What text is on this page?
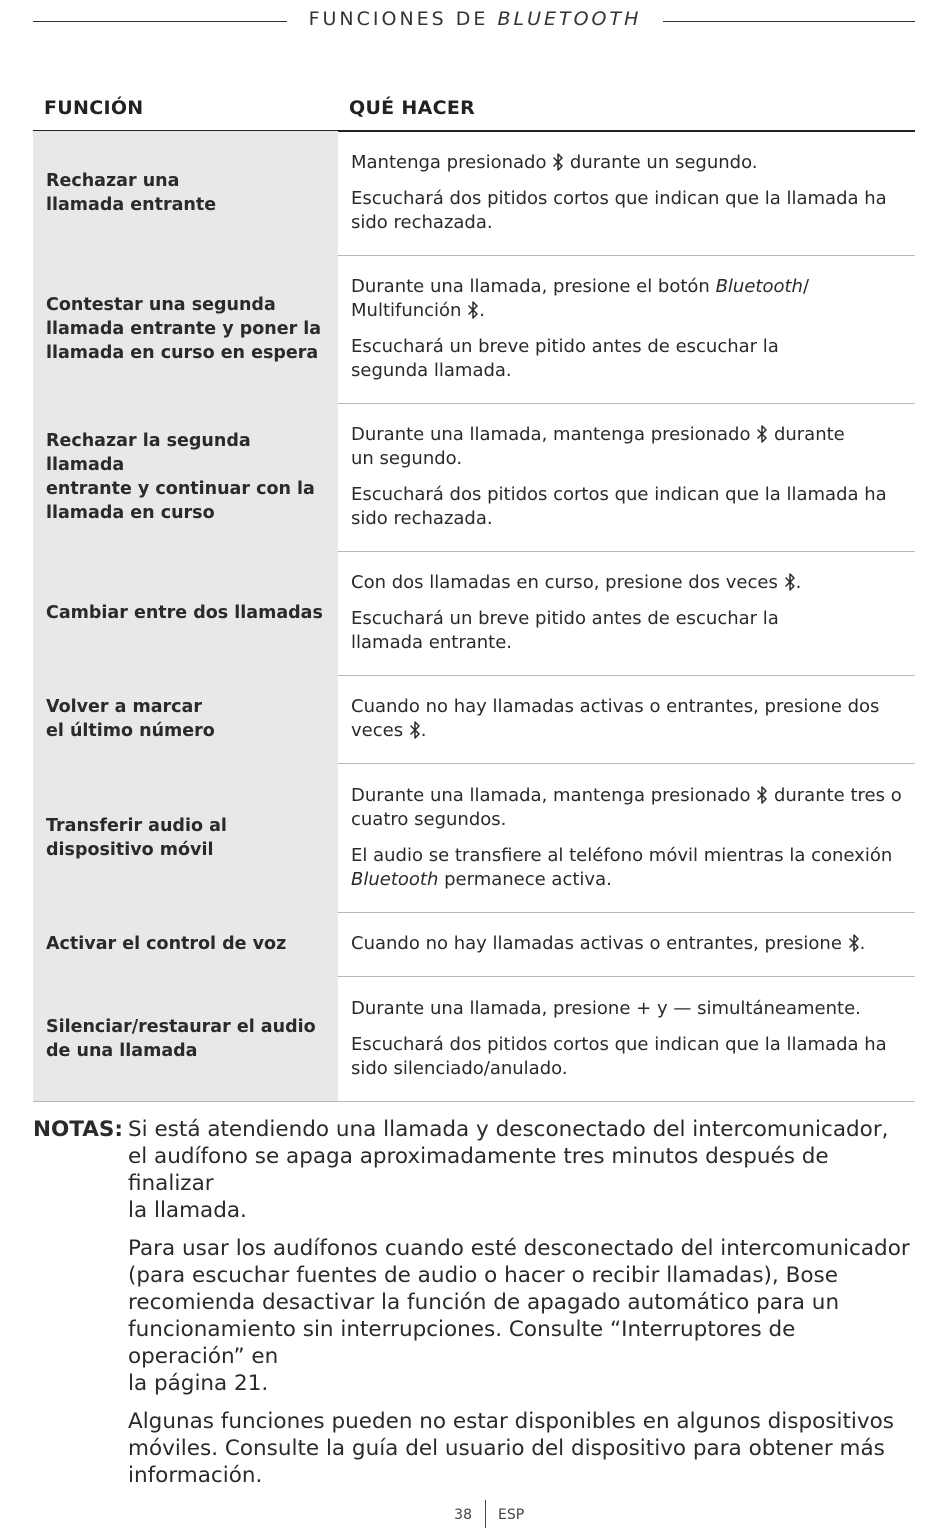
FUNCIONES DE BLUETOOTH
FUNCIÓN	QUÉ HACER
Rechazar una
llamada entrante

Mantenga presionado  durante un segundo.

Escuchará dos pitidos cortos que indican que la llamada ha
sido rechazada.

Contestar una segunda
llamada entrante y poner la
llamada en curso en espera

Durante una llamada, presione el botón Bluetooth/
Multifunción .

Escuchará un breve pitido antes de escuchar la
segunda llamada.

Rechazar la segunda llamada
entrante y continuar con la
llamada en curso

Durante una llamada, mantenga presionado  durante
un segundo.

Escuchará dos pitidos cortos que indican que la llamada ha
sido rechazada.

Cambiar entre dos llamadas

Con dos llamadas en curso, presione dos veces .

Escuchará un breve pitido antes de escuchar la
llamada entrante.

Volver a marcar
el último número

Cuando no hay llamadas activas o entrantes, presione dos
veces .

Transferir audio al
dispositivo móvil

Durante una llamada, mantenga presionado  durante tres o
cuatro segundos.

El audio se transfiere al teléfono móvil mientras la conexión
Bluetooth permanece activa.

Activar el control de voz	Cuando no hay llamadas activas o entrantes, presione .

Silenciar/restaurar el audio
de una llamada

Durante una llamada, presione + y — simultáneamente.

Escuchará dos pitidos cortos que indican que la llamada ha
sido silenciado/anulado.

NOTAS: Si está atendiendo una llamada y desconectado del intercomunicador,
el audífono se apaga aproximadamente tres minutos después de finalizar
la llamada.

Para usar los audífonos cuando esté desconectado del intercomunicador
(para escuchar fuentes de audio o hacer o recibir llamadas), Bose
recomienda desactivar la función de apagado automático para un
funcionamiento sin interrupciones. Consulte “Interruptores de operación” en
la página 21.

Algunas funciones pueden no estar disponibles en algunos dispositivos
móviles. Consulte la guía del usuario del dispositivo para obtener más
información.

38 ESP
